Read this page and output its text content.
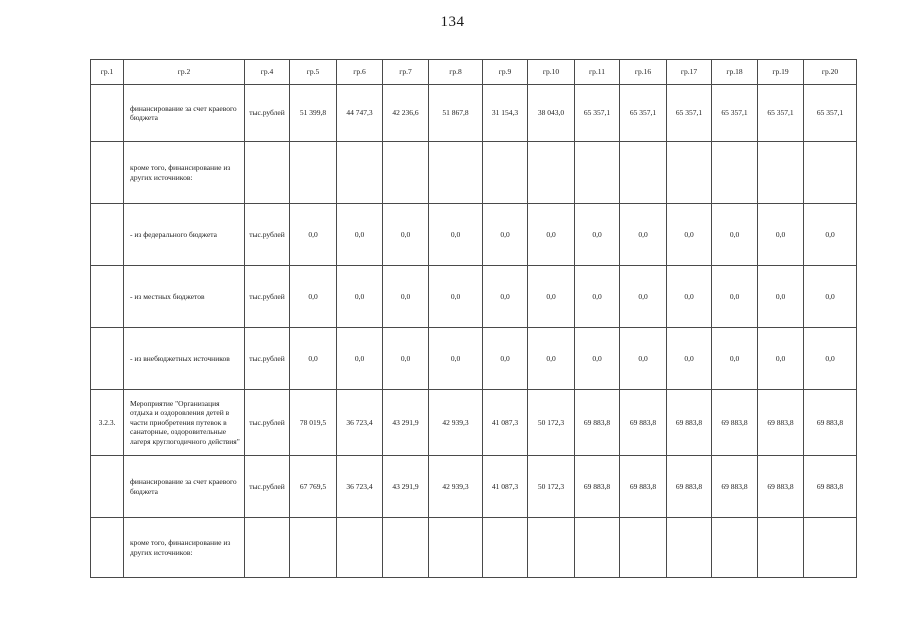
134
гр.1	гр.2	гр.4	гр.5	гр.6	гр.7	гр.8	гр.9	гр.10	гр.11	гр.16	гр.17	гр.18	гр.19	гр.20
	финансирование за счет краевого бюджета	тыс.рублей	51 399,8	44 747,3	42 236,6	51 867,8	31 154,3	38 043,0	65 357,1	65 357,1	65 357,1	65 357,1	65 357,1	65 357,1
	кроме того, финансирование из других источников:													
	- из федерального бюджета	тыс.рублей	0,0	0,0	0,0	0,0	0,0	0,0	0,0	0,0	0,0	0,0	0,0	0,0
	- из местных бюджетов	тыс.рублей	0,0	0,0	0,0	0,0	0,0	0,0	0,0	0,0	0,0	0,0	0,0	0,0
	- из внебюджетных источников	тыс.рублей	0,0	0,0	0,0	0,0	0,0	0,0	0,0	0,0	0,0	0,0	0,0	0,0
3.2.3.	Мероприятие "Организация отдыха и оздоровления детей в части приобретения путевок в санаторные, оздоровительные лагеря круглогодичного действия"	тыс.рублей	78 019,5	36 723,4	43 291,9	42 939,3	41 087,3	50 172,3	69 883,8	69 883,8	69 883,8	69 883,8	69 883,8	69 883,8
	финансирование за счет краевого бюджета	тыс.рублей	67 769,5	36 723,4	43 291,9	42 939,3	41 087,3	50 172,3	69 883,8	69 883,8	69 883,8	69 883,8	69 883,8	69 883,8
	кроме того, финансирование из других источников:													
